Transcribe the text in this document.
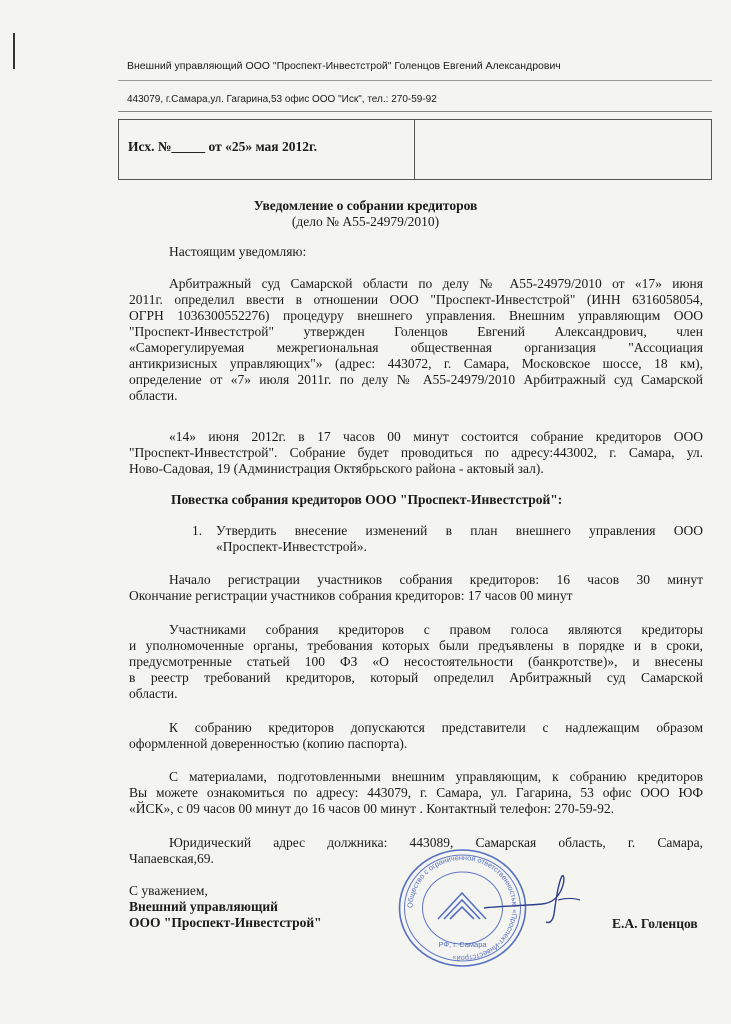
Внешний управляющий ООО "Проспект-Инвестстрой" Голенцов Евгений Александрович
443079, г.Самара,ул. Гагарина,53 офис ООО "Иск", тел.: 270-59-92
Исх. №_____ от «25» мая 2012г.
Уведомление о собрании кредиторов
(дело № А55-24979/2010)
Настоящим уведомляю:
Арбитражный суд Самарской области по делу № А55-24979/2010 от «17» июня
2011г. определил ввести в отношении ООО "Проспект-Инвестстрой" (ИНН 6316058054,
ОГРН 1036300552276) процедуру внешнего управления. Внешним управляющим ООО
"Проспект-Инвестстрой" утвержден Голенцов Евгений Александрович, член
«Саморегулируемая межрегиональная общественная организация "Ассоциация
антикризисных управляющих"» (адрес: 443072, г. Самара, Московское шоссе, 18 км),
определение от «7» июля 2011г. по делу № А55-24979/2010 Арбитражный суд Самарской
области.
«14» июня 2012г. в 17 часов 00 минут состоится собрание кредиторов ООО
"Проспект-Инвестстрой". Собрание будет проводиться по адресу:443002, г. Самара, ул.
Ново-Садовая, 19 (Администрация Октябрьского района - актовый зал).
Повестка собрания кредиторов ООО "Проспект-Инвестстрой":
1. Утвердить внесение изменений в план внешнего управления ООО
«Проспект-Инвестстрой».
Начало регистрации участников собрания кредиторов: 16 часов 30 минут
Окончание регистрации участников собрания кредиторов: 17 часов 00 минут
Участниками собрания кредиторов с правом голоса являются кредиторы
и уполномоченные органы, требования которых были предъявлены в порядке и в сроки,
предусмотренные статьей 100 ФЗ «О несостоятельности (банкротстве)», и внесены
в реестр требований кредиторов, который определил Арбитражный суд Самарской
области.
К собранию кредиторов допускаются представители с надлежащим образом
оформленной доверенностью (копию паспорта).
С материалами, подготовленными внешним управляющим, к собранию кредиторов
Вы можете ознакомиться по адресу: 443079, г. Самара, ул. Гагарина, 53 офис ООО ЮФ
«ЙСК», с 09 часов 00 минут до 16 часов 00 минут . Контактный телефон: 270-59-92.
Юридический адрес должника: 443089, Самарская область, г. Самара,
Чапаевская,69.
С уважением,
Внешний управляющий
ООО "Проспект-Инвестстрой"
Общество с ограниченной ответственностью «Проспект-Инвестстрой»
РФ, г. Самара
Е.А. Голенцов
